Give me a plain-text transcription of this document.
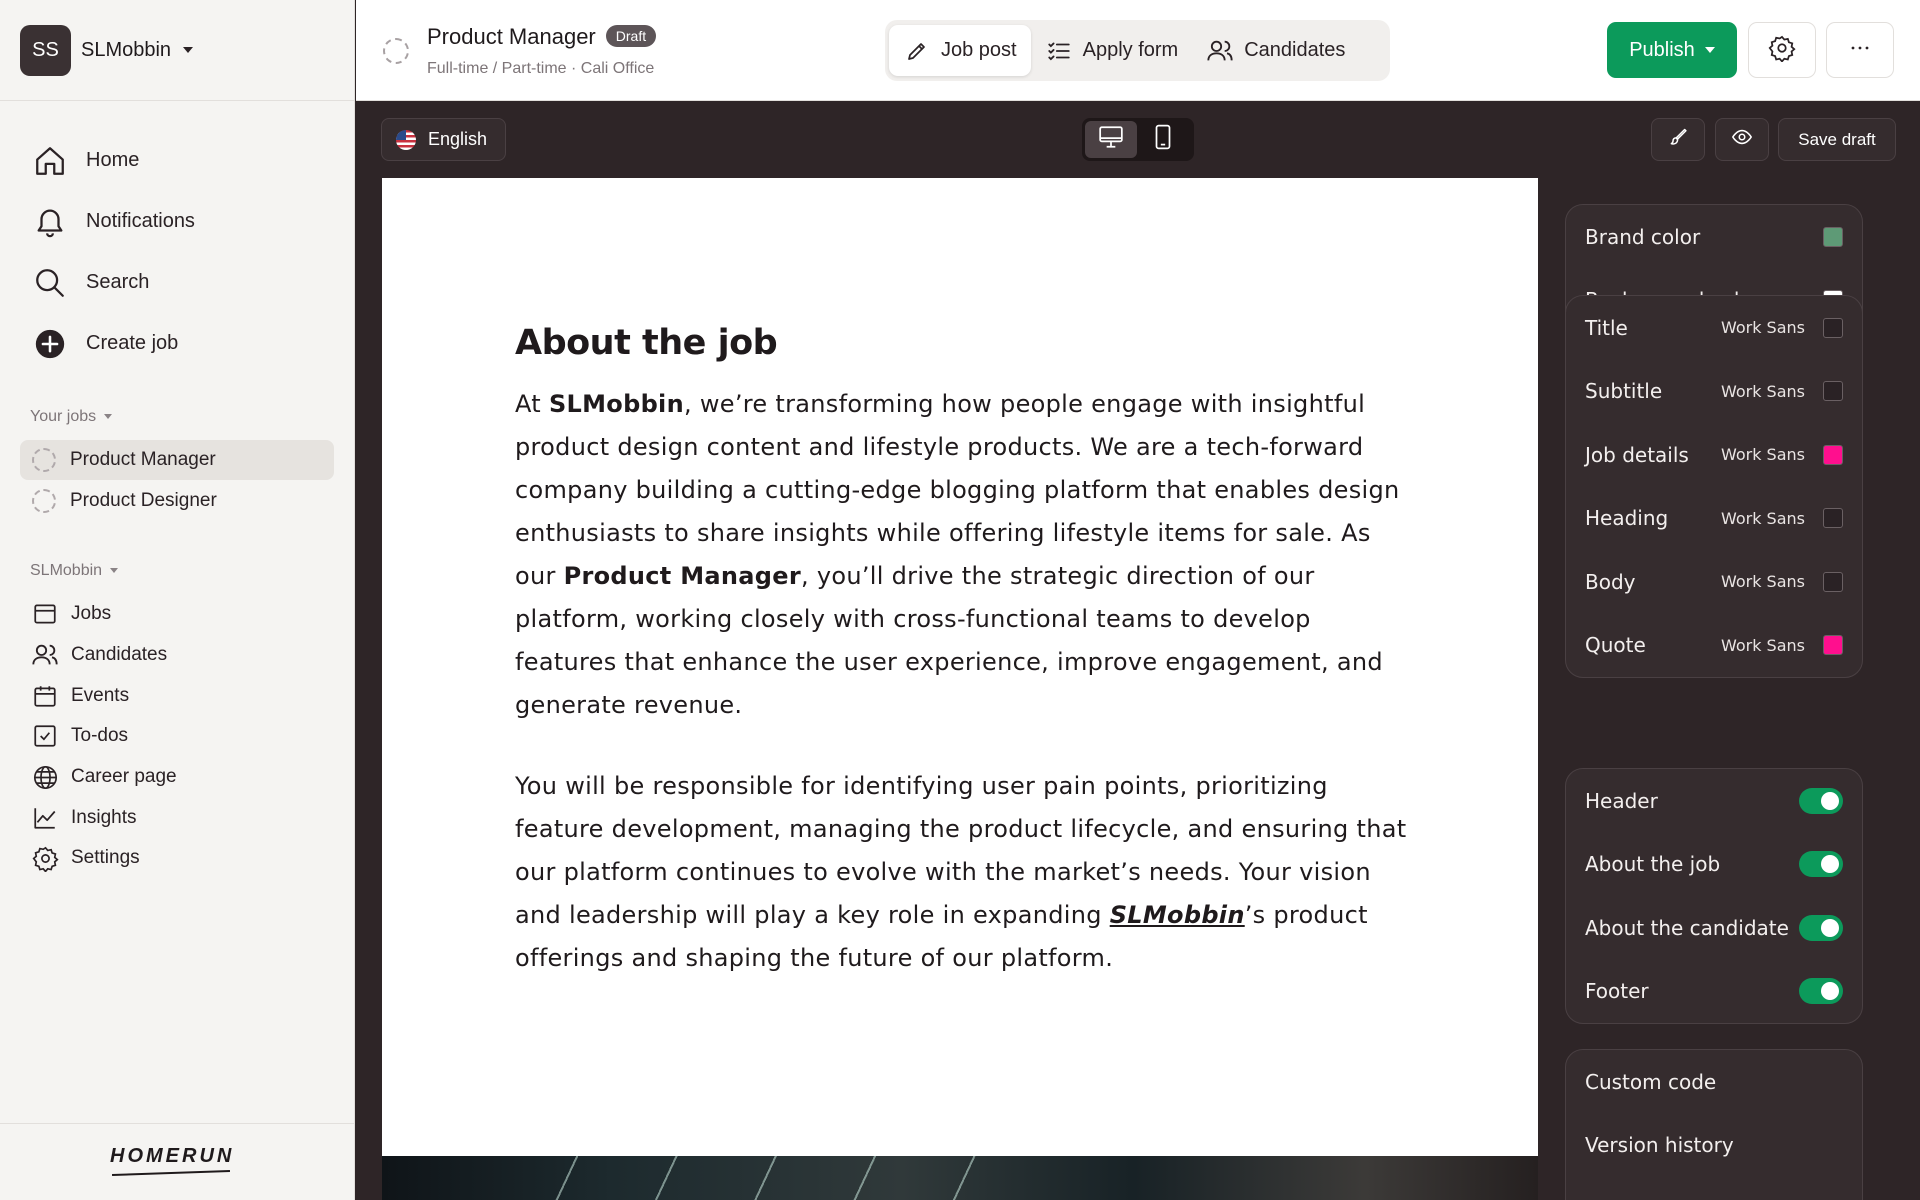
SS	SLMobbin
Home
Notifications
Search
Create job
Your jobs
Product Manager
Product Designer
SLMobbin
Jobs
Candidates
Events
To-dos
Career page
Insights
Settings
HOMERUN
Product Manager Draft
Full-time / Part-time · Cali Office
Job post	Apply form	Candidates	Publish
English	Save draft
About the job

At SLMobbin, we’re transforming how people engage with insightful product design content and lifestyle products. We are a tech-forward company building a cutting-edge blogging platform that enables design enthusiasts to share insights while offering lifestyle items for sale. As our Product Manager, you’ll drive the strategic direction of our platform, working closely with cross-functional teams to develop features that enhance the user experience, improve engagement, and generate revenue.

You will be responsible for identifying user pain points, prioritizing feature development, managing the product lifecycle, and ensuring that our platform continues to evolve with the market’s needs. Your vision and leadership will play a key role in expanding SLMobbin’s product offerings and shaping the future of our platform.

Brand color
Title	Work Sans
Subtitle	Work Sans
Job details	Work Sans
Heading	Work Sans
Body	Work Sans
Quote	Work Sans
Header
About the job
About the candidate
Footer
Custom code
Version history
